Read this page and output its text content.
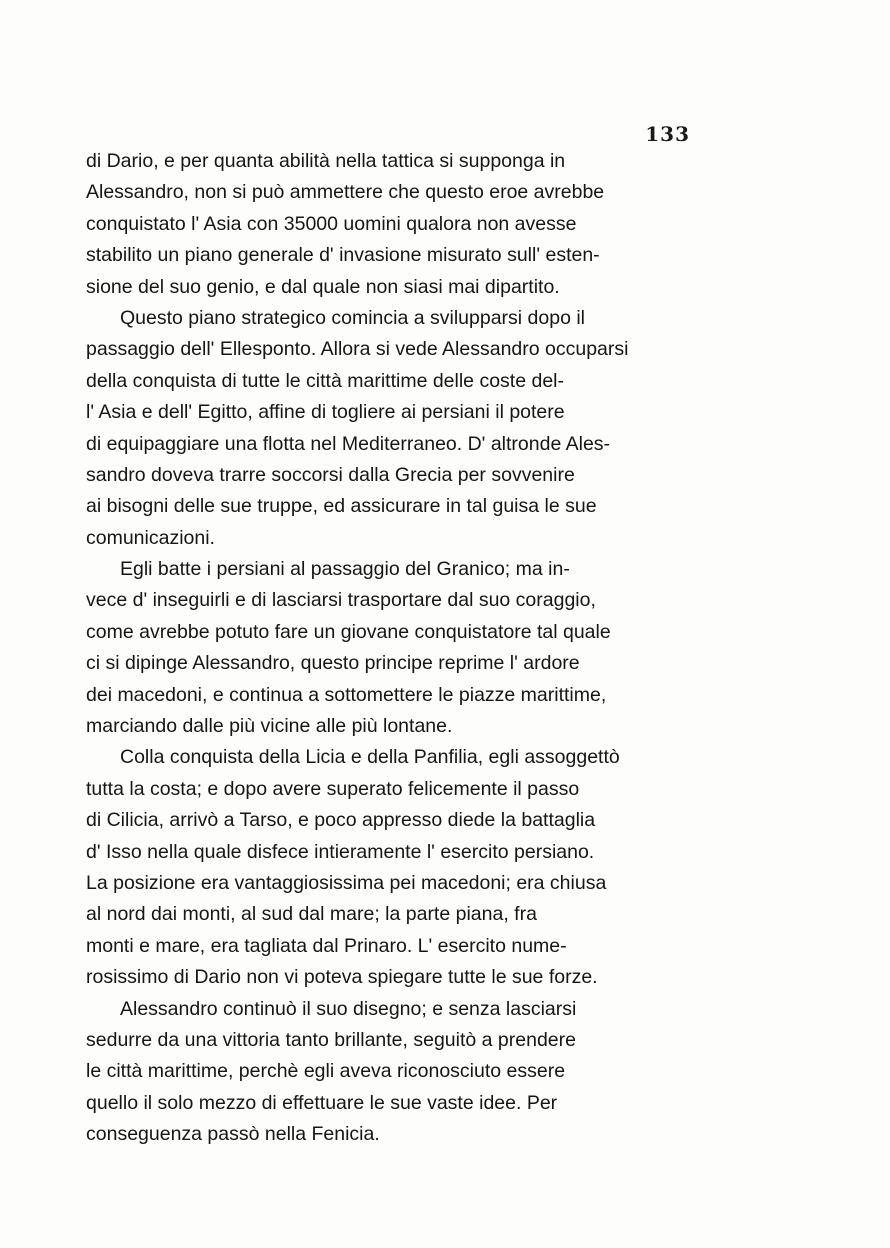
133

di Dario, e per quanta abilità nella tattica si supponga in
Alessandro, non si può ammettere che questo eroe avrebbe
conquistato l' Asia con 35000 uomini qualora non avesse
stabilito un piano generale d' invasione misurato sull' esten-
sione del suo genio, e dal quale non siasi mai dipartito.

Questo piano strategico comincia a svilupparsi dopo il
passaggio dell' Ellesponto. Allora si vede Alessandro occuparsi
della conquista di tutte le città marittime delle coste del-
l' Asia e dell' Egitto, affine di togliere ai persiani il potere
di equipaggiare una flotta nel Mediterraneo. D' altronde Ales-
sandro doveva trarre soccorsi dalla Grecia per sovvenire
ai bisogni delle sue truppe, ed assicurare in tal guisa le sue
comunicazioni.

Egli batte i persiani al passaggio del Granico; ma in-
vece d' inseguirli e di lasciarsi trasportare dal suo coraggio,
come avrebbe potuto fare un giovane conquistatore tal quale
ci si dipinge Alessandro, questo principe reprime l' ardore
dei macedoni, e continua a sottomettere le piazze marittime,
marciando dalle più vicine alle più lontane.

Colla conquista della Licia e della Panfilia, egli assoggettò
tutta la costa; e dopo avere superato felicemente il passo
di Cilicia, arrivò a Tarso, e poco appresso diede la battaglia
d' Isso nella quale disfece intieramente l' esercito persiano.
La posizione era vantaggiosissima pei macedoni; era chiusa
al nord dai monti, al sud dal mare; la parte piana, fra
monti e mare, era tagliata dal Prinaro. L' esercito nume-
rosissimo di Dario non vi poteva spiegare tutte le sue forze.

Alessandro continuò il suo disegno; e senza lasciarsi
sedurre da una vittoria tanto brillante, seguitò a prendere
le città marittime, perchè egli aveva riconosciuto essere
quello il solo mezzo di effettuare le sue vaste idee. Per
conseguenza passò nella Fenicia.
